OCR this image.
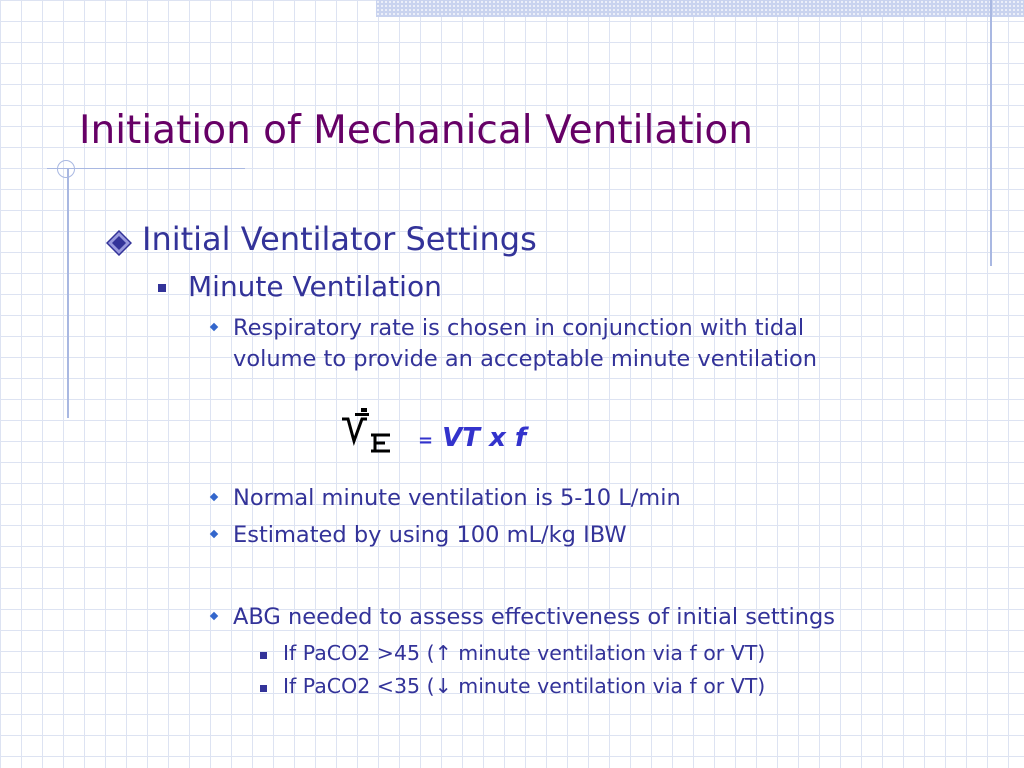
Initiation of Mechanical Ventilation
Initial Ventilator Settings
Minute Ventilation
Respiratory rate is chosen in conjunction with tidal volume to provide an acceptable minute ventilation
= VT x f
Normal minute ventilation is 5-10 L/min
Estimated by using 100 mL/kg IBW
ABG needed to assess effectiveness of initial settings
If PaCO2 >45 (↑ minute ventilation via f or VT)
If PaCO2 <35 (↓ minute ventilation via f or VT)
